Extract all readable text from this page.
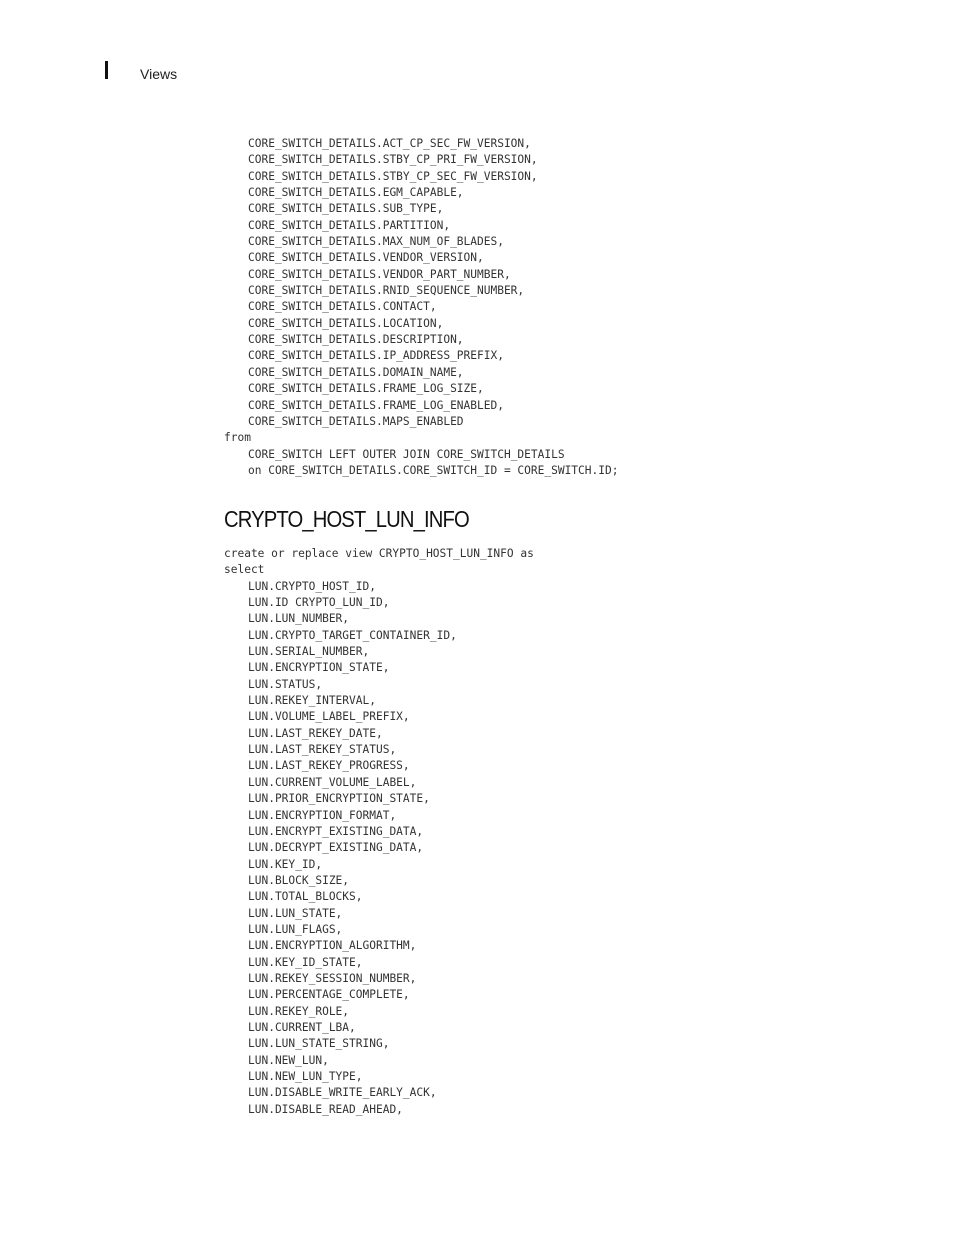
Views
CORE_SWITCH_DETAILS.ACT_CP_SEC_FW_VERSION,
CORE_SWITCH_DETAILS.STBY_CP_PRI_FW_VERSION,
CORE_SWITCH_DETAILS.STBY_CP_SEC_FW_VERSION,
CORE_SWITCH_DETAILS.EGM_CAPABLE,
CORE_SWITCH_DETAILS.SUB_TYPE,
CORE_SWITCH_DETAILS.PARTITION,
CORE_SWITCH_DETAILS.MAX_NUM_OF_BLADES,
CORE_SWITCH_DETAILS.VENDOR_VERSION,
CORE_SWITCH_DETAILS.VENDOR_PART_NUMBER,
CORE_SWITCH_DETAILS.RNID_SEQUENCE_NUMBER,
CORE_SWITCH_DETAILS.CONTACT,
CORE_SWITCH_DETAILS.LOCATION,
CORE_SWITCH_DETAILS.DESCRIPTION,
CORE_SWITCH_DETAILS.IP_ADDRESS_PREFIX,
CORE_SWITCH_DETAILS.DOMAIN_NAME,
CORE_SWITCH_DETAILS.FRAME_LOG_SIZE,
CORE_SWITCH_DETAILS.FRAME_LOG_ENABLED,
CORE_SWITCH_DETAILS.MAPS_ENABLED
from
CORE_SWITCH LEFT OUTER JOIN CORE_SWITCH_DETAILS
on CORE_SWITCH_DETAILS.CORE_SWITCH_ID = CORE_SWITCH.ID;
CRYPTO_HOST_LUN_INFO
create or replace view CRYPTO_HOST_LUN_INFO as
select
LUN.CRYPTO_HOST_ID,
LUN.ID CRYPTO_LUN_ID,
LUN.LUN_NUMBER,
LUN.CRYPTO_TARGET_CONTAINER_ID,
LUN.SERIAL_NUMBER,
LUN.ENCRYPTION_STATE,
LUN.STATUS,
LUN.REKEY_INTERVAL,
LUN.VOLUME_LABEL_PREFIX,
LUN.LAST_REKEY_DATE,
LUN.LAST_REKEY_STATUS,
LUN.LAST_REKEY_PROGRESS,
LUN.CURRENT_VOLUME_LABEL,
LUN.PRIOR_ENCRYPTION_STATE,
LUN.ENCRYPTION_FORMAT,
LUN.ENCRYPT_EXISTING_DATA,
LUN.DECRYPT_EXISTING_DATA,
LUN.KEY_ID,
LUN.BLOCK_SIZE,
LUN.TOTAL_BLOCKS,
LUN.LUN_STATE,
LUN.LUN_FLAGS,
LUN.ENCRYPTION_ALGORITHM,
LUN.KEY_ID_STATE,
LUN.REKEY_SESSION_NUMBER,
LUN.PERCENTAGE_COMPLETE,
LUN.REKEY_ROLE,
LUN.CURRENT_LBA,
LUN.LUN_STATE_STRING,
LUN.NEW_LUN,
LUN.NEW_LUN_TYPE,
LUN.DISABLE_WRITE_EARLY_ACK,
LUN.DISABLE_READ_AHEAD,
